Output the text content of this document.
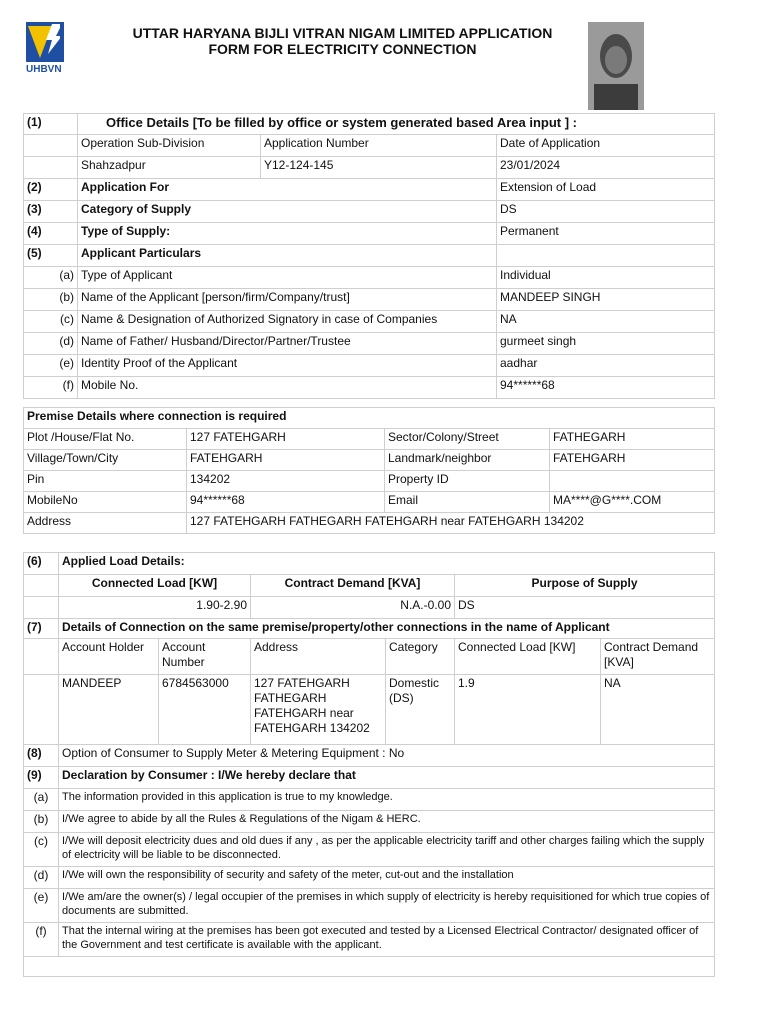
UHBVN
UTTAR HARYANA BIJLI VITRAN NIGAM LIMITED APPLICATION
FORM FOR ELECTRICITY CONNECTION
(1)	Office Details [To be filled by office or system generated based Area input ] :		
	Operation Sub-Division	Application Number	Date of Application
	Shahzadpur	Y12-124-145	23/01/2024
(2)	Application For		Extension of Load
(3)	Category of Supply		DS
(4)	Type of Supply:		Permanent
(5)	Applicant Particulars		
(a)	Type of Applicant		Individual
(b)	Name of the Applicant [person/firm/Company/trust]		MANDEEP SINGH
(c)	Name & Designation of Authorized Signatory in case of Companies		NA
(d)	Name of Father/ Husband/Director/Partner/Trustee		gurmeet singh
(e)	Identity Proof of the Applicant		aadhar
(f)	Mobile No.		94******68
Premise Details where connection is required			
Plot /House/Flat No.	127 FATEHGARH	Sector/Colony/Street	FATHEGARH
Village/Town/City	FATEHGARH	Landmark/neighbor	FATEHGARH
Pin	134202	Property ID	
MobileNo	94******68	Email	MA****@G****.COM
Address	127 FATEHGARH FATHEGARH FATEHGARH near FATEHGARH 134202		
(6)	Applied Load Details:					
	Connected Load [KW]		Contract Demand [KVA]		Purpose of Supply	
	1.90-2.90		N.A.-0.00		DS	
(7)	Details of Connection on the same premise/property/other connections in the name of Applicant					
	Account Holder	Account Number	Address	Category	Connected Load [KW]	Contract Demand [KVA]
	MANDEEP	6784563000	127 FATEHGARH FATHEGARH FATEHGARH near FATEHGARH 134202	Domestic (DS)	1.9	NA
(8)	Option of Consumer to Supply Meter & Metering Equipment : No					
(9)	Declaration by Consumer : I/We hereby declare that					
(a)	The information provided in this application is true to my knowledge.					
(b)	I/We agree to abide by all the Rules & Regulations of the Nigam & HERC.					
(c)	I/We will deposit electricity dues and old dues if any , as per the applicable electricity tariff and other charges failing which the supply of electricity will be liable to be disconnected.					
(d)	I/We will own the responsibility of security and safety of the meter, cut-out and the installation					
(e)	I/We am/are the owner(s) / legal occupier of the premises in which supply of electricity is hereby requisitioned for which true copies of documents are submitted.					
(f)	That the internal wiring at the premises has been got executed and tested by a Licensed Electrical Contractor/ designated officer of the Government and test certificate is available with the applicant.					
